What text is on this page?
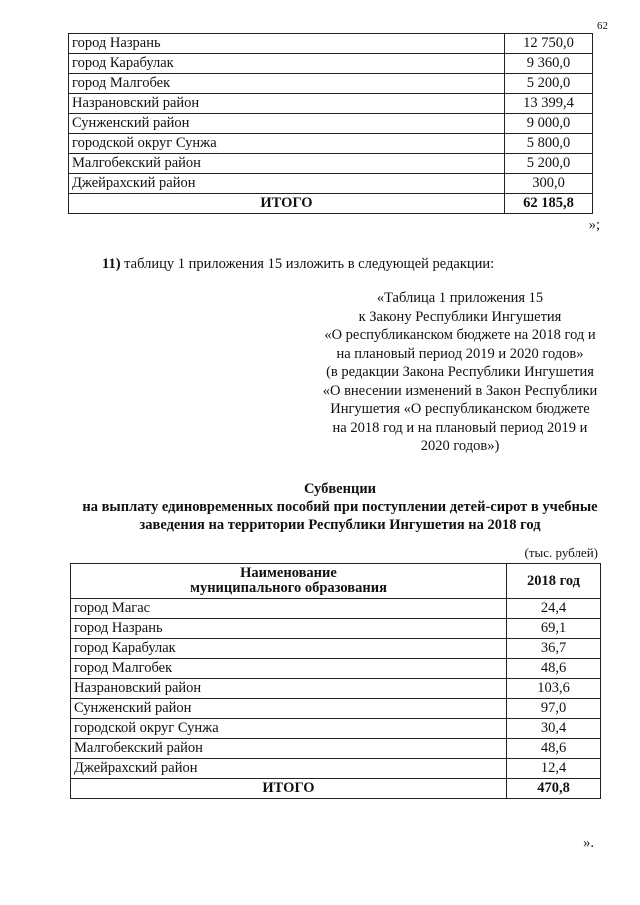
62
город Назрань	12 750,0
город Карабулак	9 360,0
город Малгобек	5 200,0
Назрановский район	13 399,4
Сунженский район	9 000,0
городской округ Сунжа	5 800,0
Малгобекский район	5 200,0
Джейрахский район	300,0
ИТОГО	62 185,8
»;
11) таблицу 1 приложения 15 изложить в следующей редакции:
«Таблица 1 приложения 15
к Закону Республики Ингушетия
«О республиканском бюджете на 2018 год и
на плановый период 2019 и 2020 годов»
(в редакции Закона Республики Ингушетия
«О внесении изменений в Закон Республики
Ингушетия «О республиканском бюджете
на 2018 год и на плановый период 2019 и
2020 годов»)
Субвенции
на выплату единовременных пособий при поступлении детей-сирот в учебные
заведения на территории Республики Ингушетия на 2018 год
(тыс. рублей)
Наименование
муниципального образования	2018 год
город Магас	24,4
город Назрань	69,1
город Карабулак	36,7
город Малгобек	48,6
Назрановский район	103,6
Сунженский район	97,0
городской округ Сунжа	30,4
Малгобекский район	48,6
Джейрахский район	12,4
ИТОГО	470,8
».
